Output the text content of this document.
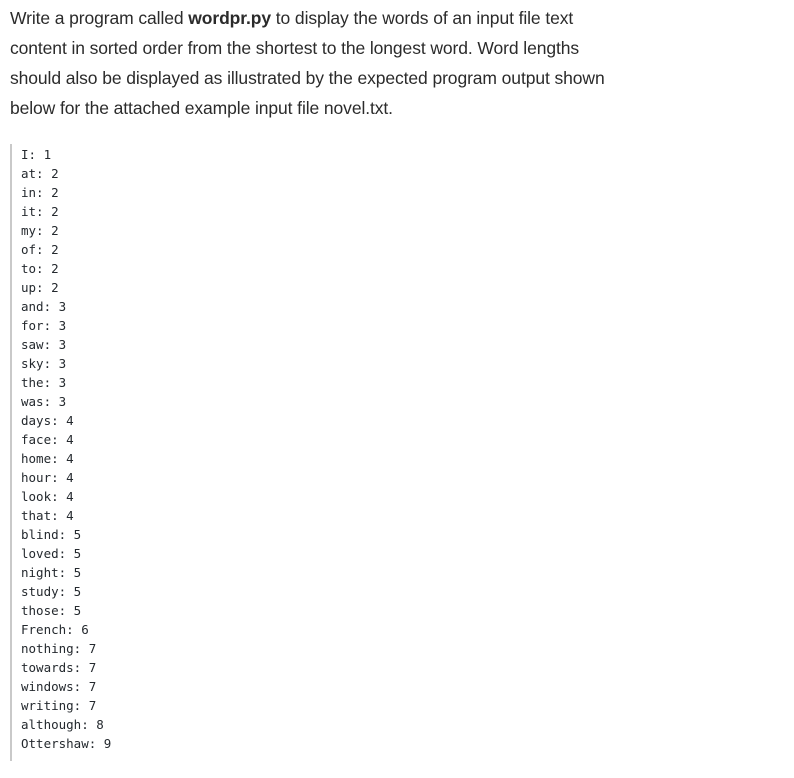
Write a program called wordpr.py to display the words of an input file text
content in sorted order from the shortest to the longest word. Word lengths
should also be displayed as illustrated by the expected program output shown
below for the attached example input file novel.txt.

I: 1
at: 2
in: 2
it: 2
my: 2
of: 2
to: 2
up: 2
and: 3
for: 3
saw: 3
sky: 3
the: 3
was: 3
days: 4
face: 4
home: 4
hour: 4
look: 4
that: 4
blind: 5
loved: 5
night: 5
study: 5
those: 5
French: 6
nothing: 7
towards: 7
windows: 7
writing: 7
although: 8
Ottershaw: 9
